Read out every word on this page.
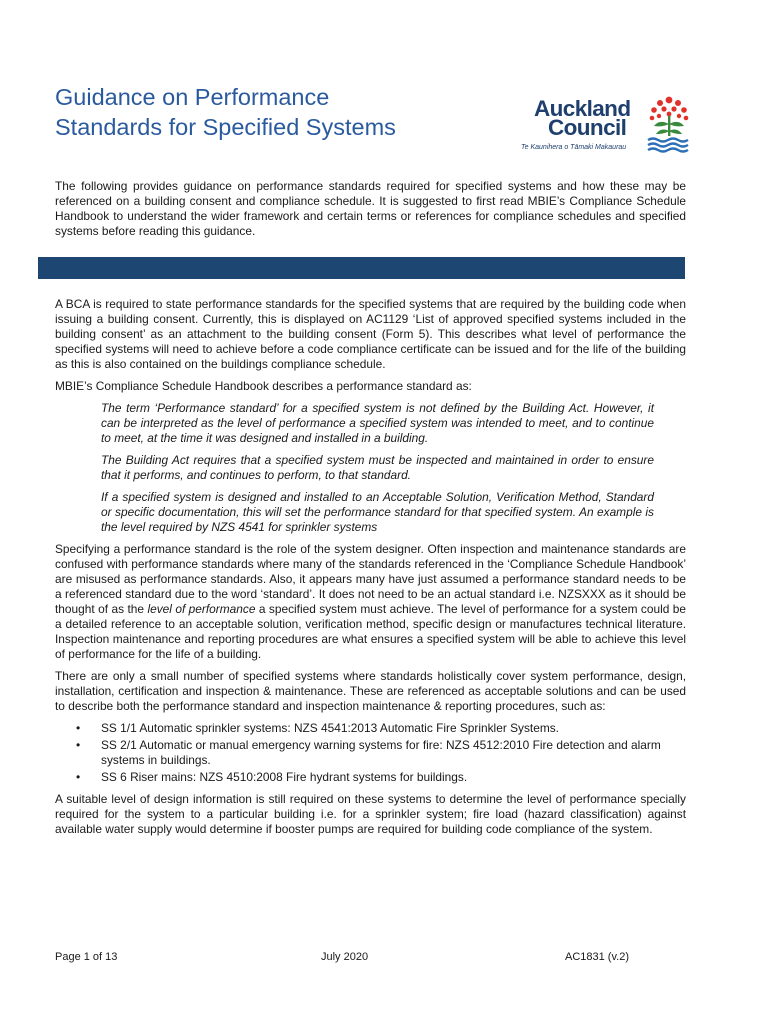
Guidance on Performance
Standards for Specified Systems
Auckland
Council
Te Kaunihera o Tāmaki Makaurau

The following provides guidance on performance standards required for specified systems and how these may be referenced on a building consent and compliance schedule. It is suggested to first read MBIE’s Compliance Schedule Handbook to understand the wider framework and certain terms or references for compliance schedules and specified systems before reading this guidance.

A BCA is required to state performance standards for the specified systems that are required by the building code when issuing a building consent. Currently, this is displayed on AC1129 ‘List of approved specified systems included in the building consent’ as an attachment to the building consent (Form 5). This describes what level of performance the specified systems will need to achieve before a code compliance certificate can be issued and for the life of the building as this is also contained on the buildings compliance schedule.

MBIE’s Compliance Schedule Handbook describes a performance standard as:

The term ‘Performance standard’ for a specified system is not defined by the Building Act. However, it can be interpreted as the level of performance a specified system was intended to meet, and to continue to meet, at the time it was designed and installed in a building.

The Building Act requires that a specified system must be inspected and maintained in order to ensure that it performs, and continues to perform, to that standard.

If a specified system is designed and installed to an Acceptable Solution, Verification Method, Standard or specific documentation, this will set the performance standard for that specified system. An example is the level required by NZS 4541 for sprinkler systems

Specifying a performance standard is the role of the system designer. Often inspection and maintenance standards are confused with performance standards where many of the standards referenced in the ‘Compliance Schedule Handbook’ are misused as performance standards. Also, it appears many have just assumed a performance standard needs to be a referenced standard due to the word ‘standard’. It does not need to be an actual standard i.e. NZSXXX as it should be thought of as the level of performance a specified system must achieve. The level of performance for a system could be a detailed reference to an acceptable solution, verification method, specific design or manufactures technical literature. Inspection maintenance and reporting procedures are what ensures a specified system will be able to achieve this level of performance for the life of a building.

There are only a small number of specified systems where standards holistically cover system performance, design, installation, certification and inspection & maintenance. These are referenced as acceptable solutions and can be used to describe both the performance standard and inspection maintenance & reporting procedures, such as:

• SS 1/1 Automatic sprinkler systems: NZS 4541:2013 Automatic Fire Sprinkler Systems.
• SS 2/1 Automatic or manual emergency warning systems for fire: NZS 4512:2010 Fire detection and alarm systems in buildings.
• SS 6 Riser mains: NZS 4510:2008 Fire hydrant systems for buildings.

A suitable level of design information is still required on these systems to determine the level of performance specially required for the system to a particular building i.e. for a sprinkler system; fire load (hazard classification) against available water supply would determine if booster pumps are required for building code compliance of the system.

Page 1 of 13	July 2020	AC1831 (v.2)
